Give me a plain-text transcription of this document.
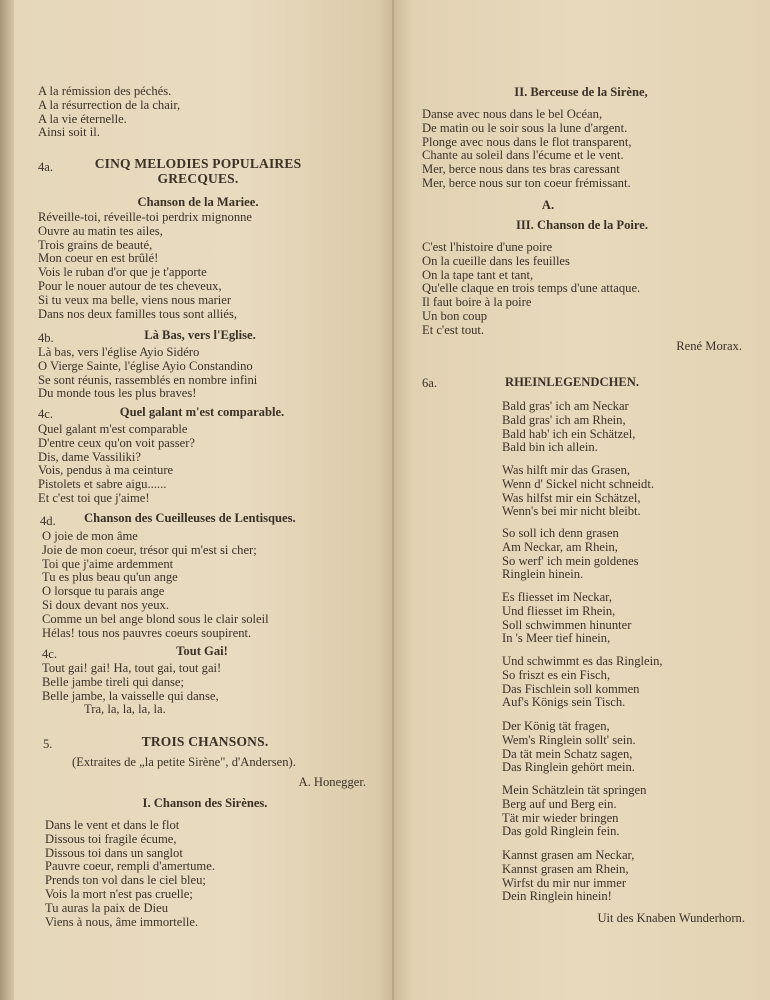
A la rémission des péchés.
A la résurrection de la chair,
A la vie éternelle.
Ainsi soit il.
4a.	CINQ MELODIES POPULAIRES
GRECQUES.
Chanson de la Mariee.
Réveille-toi, réveille-toi perdrix mignonne
Ouvre au matin tes ailes,
Trois grains de beauté,
Mon coeur en est brûlé!
Vois le ruban d'or que je t'apporte
Pour le nouer autour de tes cheveux,
Si tu veux ma belle, viens nous marier
Dans nos deux familles tous sont alliés,
4b.	Là Bas, vers l'Eglise.
Là bas, vers l'église Ayio Sidéro
O Vierge Sainte, l'église Ayio Constandino
Se sont réunis, rassemblés en nombre infini
Du monde tous les plus braves!
4c.	Quel galant m'est comparable.
Quel galant m'est comparable
D'entre ceux qu'on voit passer?
Dis, dame Vassiliki?
Vois, pendus à ma ceinture
Pistolets et sabre aigu......
Et c'est toi que j'aime!
4d. Chanson des Cueilleuses de Lentisques.
O joie de mon âme
Joie de mon coeur, trésor qui m'est si cher;
Toi que j'aime ardemment
Tu es plus beau qu'un ange
O lorsque tu parais ange
Si doux devant nos yeux.
Comme un bel ange blond sous le clair soleil
Hélas! tous nos pauvres coeurs soupirent.
4c.	Tout Gai!
Tout gai! gai! Ha, tout gai, tout gai!
Belle jambe tireli qui danse;
Belle jambe, la vaisselle qui danse,
Tra, la, la, la, la.
5.	TROIS CHANSONS.
(Extraites de „la petite Sirène", d'Andersen).
A. Honegger.
I. Chanson des Sirènes.
Dans le vent et dans le flot
Dissous toi fragile écume,
Dissous toi dans un sanglot
Pauvre coeur, rempli d'amertume.
Prends ton vol dans le ciel bleu;
Vois la mort n'est pas cruelle;
Tu auras la paix de Dieu
Viens à nous, âme immortelle.
II. Berceuse de la Sirène,
Danse avec nous dans le bel Océan,
De matin ou le soir sous la lune d'argent.
Plonge avec nous dans le flot transparent,
Chante au soleil dans l'écume et le vent.
Mer, berce nous dans tes bras caressant
Mer, berce nous sur ton coeur frémissant.
A.
III. Chanson de la Poire.
C'est l'histoire d'une poire
On la cueille dans les feuilles
On la tape tant et tant,
Qu'elle claque en trois temps d'une attaque.
Il faut boire à la poire
Un bon coup
Et c'est tout.
René Morax.
6a.	RHEINLEGENDCHEN.
Bald gras' ich am Neckar
Bald gras' ich am Rhein,
Bald hab' ich ein Schätzel,
Bald bin ich allein.
Was hilft mir das Grasen,
Wenn d' Sickel nicht schneidt.
Was hilfst mir ein Schätzel,
Wenn's bei mir nicht bleibt.
So soll ich denn grasen
Am Neckar, am Rhein,
So werf' ich mein goldenes
Ringlein hinein.
Es fliesset im Neckar,
Und fliesset im Rhein,
Soll schwimmen hinunter
In 's Meer tief hinein,
Und schwimmt es das Ringlein,
So friszt es ein Fisch,
Das Fischlein soll kommen
Auf's Königs sein Tisch.
Der König tät fragen,
Wem's Ringlein sollt' sein.
Da tät mein Schatz sagen,
Das Ringlein gehört mein.
Mein Schätzlein tät springen
Berg auf und Berg ein.
Tät mir wieder bringen
Das gold Ringlein fein.
Kannst grasen am Neckar,
Kannst grasen am Rhein,
Wirfst du mir nur immer
Dein Ringlein hinein!
Uit des Knaben Wunderhorn.
